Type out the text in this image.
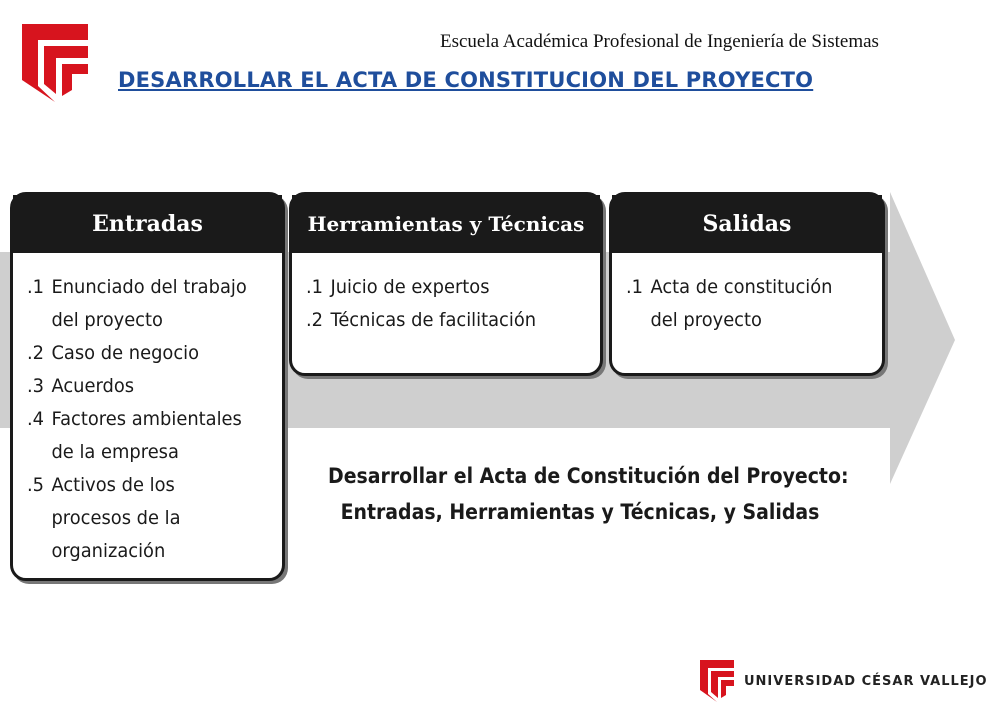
Escuela Académica Profesional de Ingeniería de Sistemas
DESARROLLAR EL ACTA DE CONSTITUCION DEL PROYECTO
Entradas
.1 Enunciado del trabajo del proyecto
.2 Caso de negocio
.3 Acuerdos
.4 Factores ambientales de la empresa
.5 Activos de los procesos de la organización
Herramientas y Técnicas
.1 Juicio de expertos
.2 Técnicas de facilitación
Salidas
.1 Acta de constitución del proyecto
Desarrollar el Acta de Constitución del Proyecto:
Entradas, Herramientas y Técnicas, y Salidas
UNIVERSIDAD CÉSAR VALLEJO
